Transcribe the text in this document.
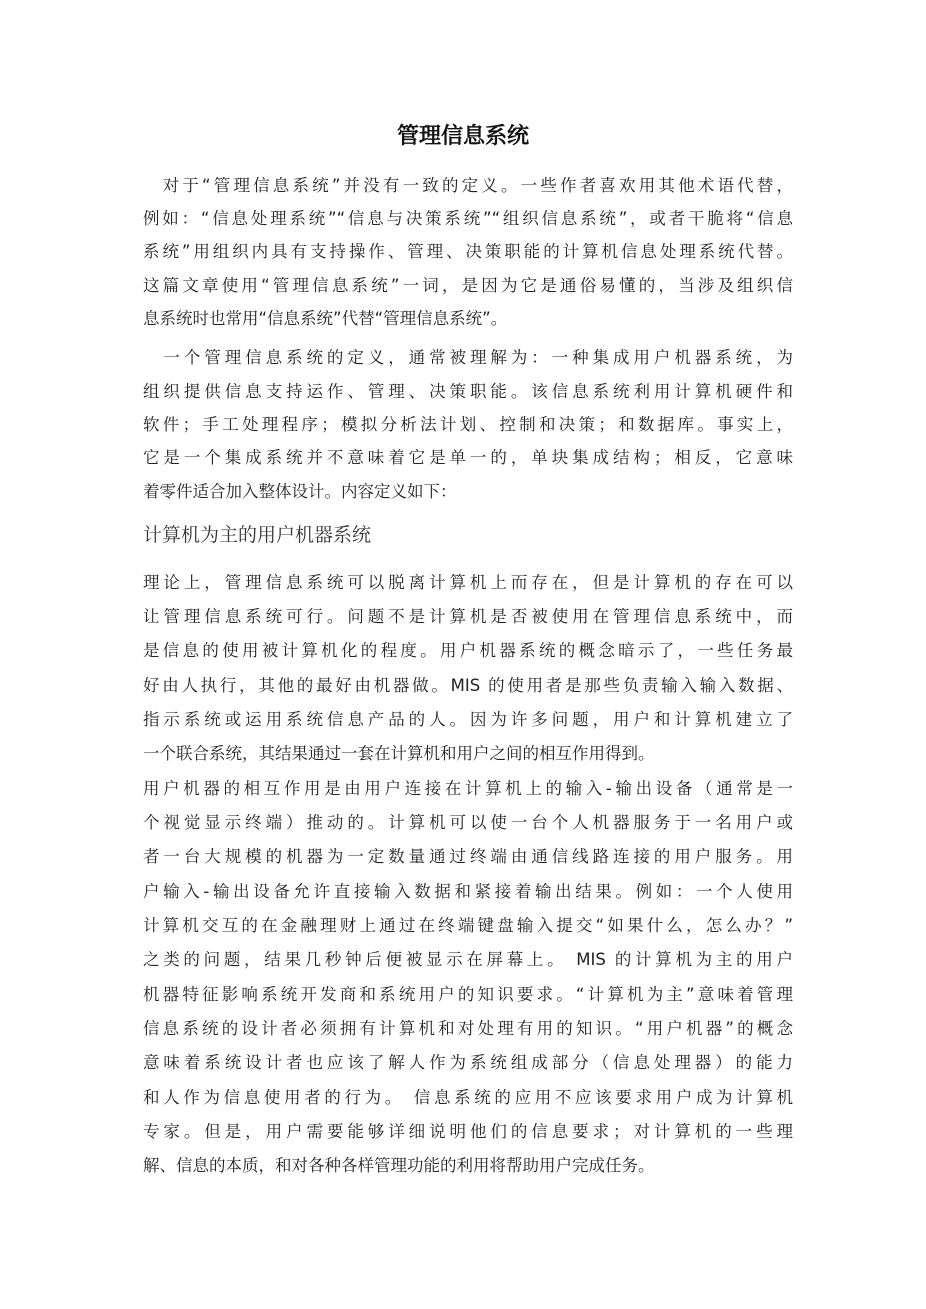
管理信息系统
　对于“管理信息系统”并没有一致的定义。一些作者喜欢用其他术语代替，
例如：“信息处理系统”“信息与决策系统”“组织信息系统”，或者干脆将“信息
系统”用组织内具有支持操作、管理、决策职能的计算机信息处理系统代替。
这篇文章使用“管理信息系统”一词，是因为它是通俗易懂的，当涉及组织信
息系统时也常用“信息系统”代替“管理信息系统”。
　一个管理信息系统的定义，通常被理解为：一种集成用户机器系统，为
组织提供信息支持运作、管理、决策职能。该信息系统利用计算机硬件和
软件；手工处理程序；模拟分析法计划、控制和决策；和数据库。事实上，
它是一个集成系统并不意味着它是单一的，单块集成结构；相反，它意味
着零件适合加入整体设计。内容定义如下：
计算机为主的用户机器系统
理论上，管理信息系统可以脱离计算机上而存在，但是计算机的存在可以
让管理信息系统可行。问题不是计算机是否被使用在管理信息系统中，而
是信息的使用被计算机化的程度。用户机器系统的概念暗示了，一些任务最
好由人执行，其他的最好由机器做。MIS 的使用者是那些负责输入输入数据、
指示系统或运用系统信息产品的人。因为许多问题，用户和计算机建立了
一个联合系统，其结果通过一套在计算机和用户之间的相互作用得到。
用户机器的相互作用是由用户连接在计算机上的输入-输出设备（通常是一
个视觉显示终端）推动的。计算机可以使一台个人机器服务于一名用户或
者一台大规模的机器为一定数量通过终端由通信线路连接的用户服务。用
户输入-输出设备允许直接输入数据和紧接着输出结果。例如：一个人使用
计算机交互的在金融理财上通过在终端键盘输入提交“如果什么，怎么办？”
之类的问题，结果几秒钟后便被显示在屏幕上。 MIS 的计算机为主的用户
机器特征影响系统开发商和系统用户的知识要求。“计算机为主”意味着管理
信息系统的设计者必须拥有计算机和对处理有用的知识。“用户机器”的概念
意味着系统设计者也应该了解人作为系统组成部分（信息处理器）的能力
和人作为信息使用者的行为。 信息系统的应用不应该要求用户成为计算机
专家。但是，用户需要能够详细说明他们的信息要求；对计算机的一些理
解、信息的本质，和对各种各样管理功能的利用将帮助用户完成任务。
